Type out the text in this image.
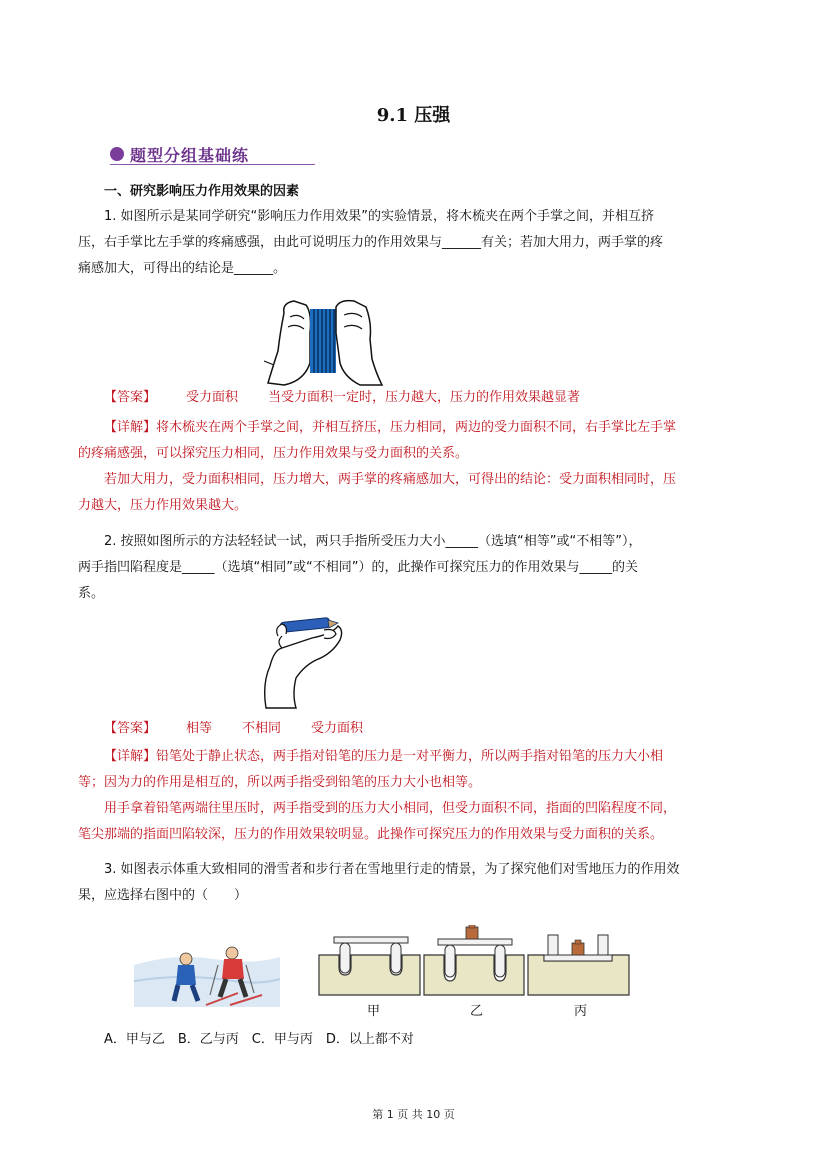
9.1 压强
题型分组基础练
一、研究影响压力作用效果的因素
1. 如图所示是某同学研究“影响压力作用效果”的实验情景，将木梳夹在两个手掌之间，并相互挤
压，右手掌比左手掌的疼痛感强，由此可说明压力的作用效果与______有关；若加大用力，两手掌的疼
痛感加大，可得出的结论是______。
【答案】 受力面积 当受力面积一定时，压力越大，压力的作用效果越显著
【详解】将木梳夹在两个手掌之间，并相互挤压，压力相同，两边的受力面积不同，右手掌比左手掌
的疼痛感强，可以探究压力相同，压力作用效果与受力面积的关系。
若加大用力，受力面积相同，压力增大，两手掌的疼痛感加大，可得出的结论：受力面积相同时，压
力越大，压力作用效果越大。
2. 按照如图所示的方法轻轻试一试，两只手指所受压力大小_____（选填“相等”或“不相等”），
两手指凹陷程度是_____（选填“相同”或“不相同”）的，此操作可探究压力的作用效果与_____的关
系。
【答案】 相等 不相同 受力面积
【详解】铅笔处于静止状态，两手指对铅笔的压力是一对平衡力，所以两手指对铅笔的压力大小相
等；因为力的作用是相互的，所以两手指受到铅笔的压力大小也相等。
用手拿着铅笔两端往里压时，两手指受到的压力大小相同，但受力面积不同，指面的凹陷程度不同，
笔尖那端的指面凹陷较深，压力的作用效果较明显。此操作可探究压力的作用效果与受力面积的关系。
3. 如图表示体重大致相同的滑雪者和步行者在雪地里行走的情景，为了探究他们对雪地压力的作用效
果，应选择右图中的（　　）
甲	乙	丙
A．甲与乙　B．乙与丙　C．甲与丙　D．以上都不对
第 1 页 共 10 页
